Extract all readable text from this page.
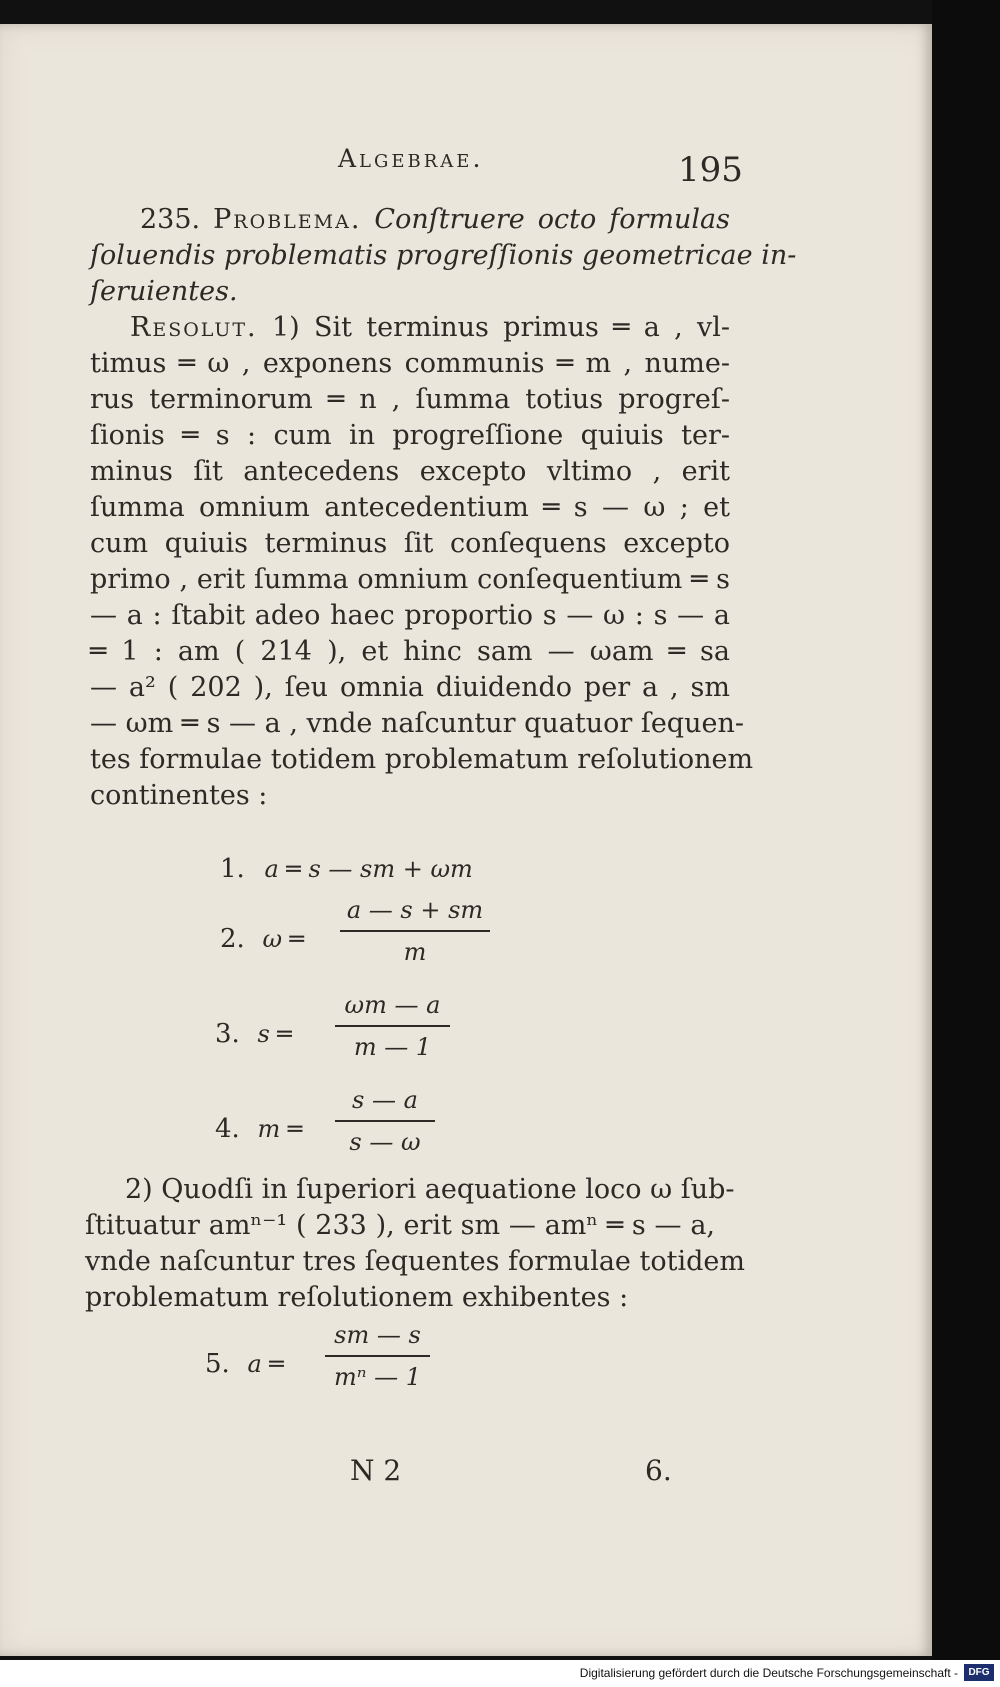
Algebrae.	195
235. Problema. Conſtruere octo formulas
ſoluendis problematis progreſſionis geometricae in-
ſeruientes.
Resolut. 1) Sit terminus primus ═ a , vl-
timus ═ ω , exponens communis ═ m , nume-
rus terminorum ═ n , ſumma totius progreſ-
ſionis ═ s : cum in progreſſione quiuis ter-
minus ſit antecedens excepto vltimo , erit
ſumma omnium antecedentium ═ s — ω ; et
cum quiuis terminus ſit conſequens excepto
primo , erit ſumma omnium conſequentium ═ s
— a : ſtabit adeo haec proportio s — ω : s — a
═ 1 : am ( 214 ), et hinc sam — ωam ═ sa
— a² ( 202 ), ſeu omnia diuidendo per a , sm
— ωm ═ s — a , vnde naſcuntur quatuor ſequen-
tes formulae totidem problematum reſolutionem
continentes :
1. a ═ s — sm + ωm
2. ω ═
a — s + sm
m
3. s ═
ωm — a
m — 1
4. m ═
s — a
s — ω
2) Quodſi in ſuperiori aequatione loco ω ſub-
ſtituatur amⁿ⁻¹ ( 233 ), erit sm — amⁿ ═ s — a,
vnde naſcuntur tres ſequentes formulae totidem
problematum reſolutionem exhibentes :
5. a ═
sm — s
mⁿ — 1
N 2	6.
Digitalisierung gefördert durch die Deutsche Forschungsgemeinschaft -	DFG
